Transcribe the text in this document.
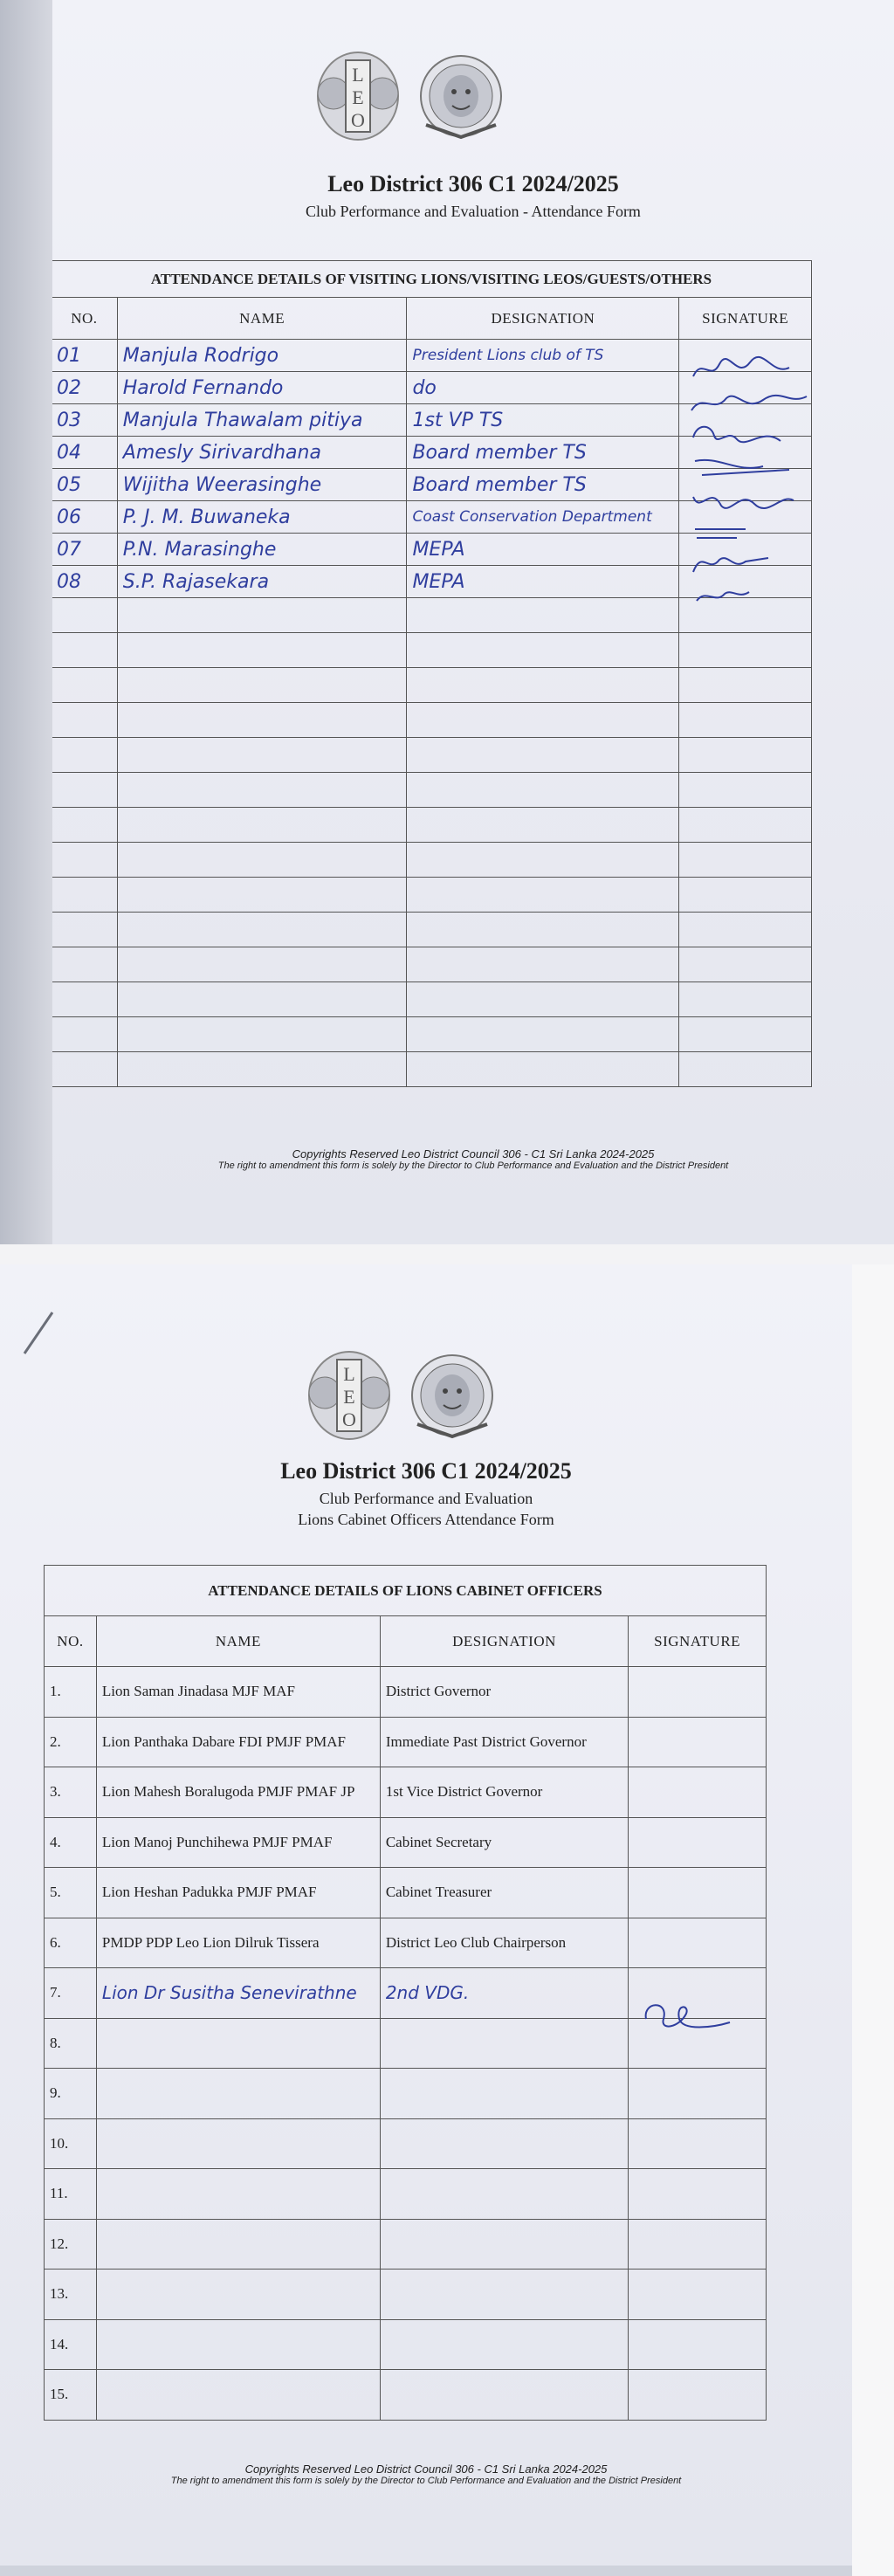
L
E
O
Leo District 306 C1 2024/2025
Club Performance and Evaluation - Attendance Form
ATTENDANCE DETAILS OF VISITING LIONS/VISITING LEOS/GUESTS/OTHERS			
NO.	NAME	DESIGNATION	SIGNATURE
01	Manjula Rodrigo	President Lions club of TS	

02	Harold Fernando	do	

03	Manjula Thawalam pitiya	1st VP TS	

04	Amesly Sirivardhana	Board member TS	

05	Wijitha Weerasinghe	Board member TS	

06	P. J. M. Buwaneka	Coast Conservation Department	

07	P.N. Marasinghe	MEPA	

08	S.P. Rajasekara	MEPA	

Copyrights Reserved Leo District Council 306 - C1 Sri Lanka 2024-2025
The right to amendment this form is solely by the Director to Club Performance and Evaluation and the District President
L
E
O
Leo District 306 C1 2024/2025
Club Performance and Evaluation
Lions Cabinet Officers Attendance Form
ATTENDANCE DETAILS OF LIONS CABINET OFFICERS			
NO.	NAME	DESIGNATION	SIGNATURE
1.	Lion Saman Jinadasa MJF MAF	District Governor	
2.	Lion Panthaka Dabare FDI PMJF PMAF	Immediate Past District Governor	
3.	Lion Mahesh Boralugoda PMJF PMAF JP	1st Vice District Governor	
4.	Lion Manoj Punchihewa PMJF PMAF	Cabinet Secretary	
5.	Lion Heshan Padukka PMJF PMAF	Cabinet Treasurer	
6.	PMDP PDP Leo Lion Dilruk Tissera	District Leo Club Chairperson	
7.	Lion Dr Susitha Senevirathne	2nd VDG.	

8.			
9.			
10.			
11.			
12.			
13.			
14.			
15.			
Copyrights Reserved Leo District Council 306 - C1 Sri Lanka 2024-2025
The right to amendment this form is solely by the Director to Club Performance and Evaluation and the District President
